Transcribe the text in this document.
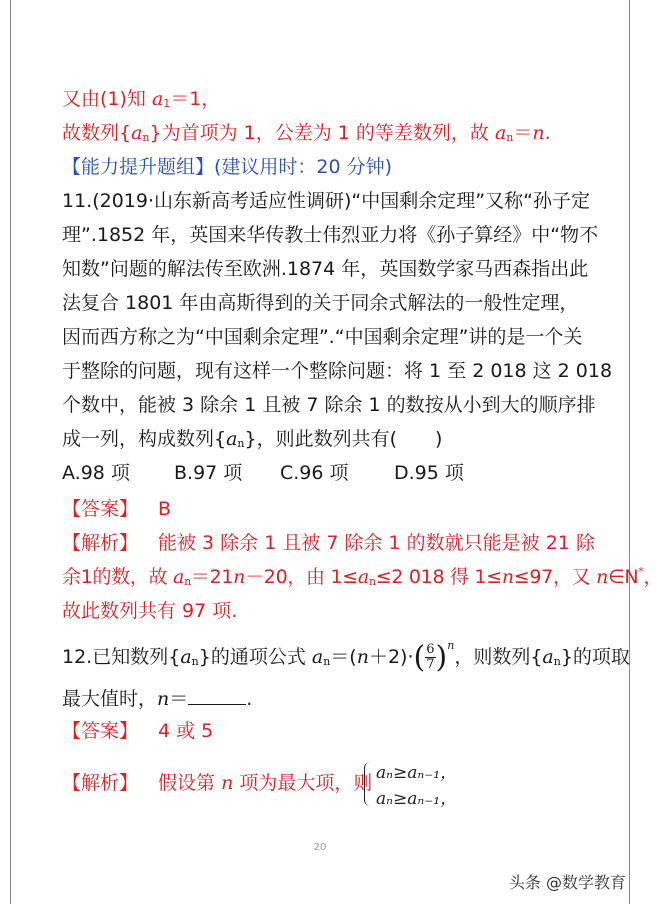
又由(1)知 a1＝1，
故数列{an}为首项为 1，公差为 1 的等差数列，故 an＝n.
【能力提升题组】(建议用时：20 分钟)
11.(2019·山东新高考适应性调研)“中国剩余定理”又称“孙子定
理”.1852 年，英国来华传教士伟烈亚力将《孙子算经》中“物不
知数”问题的解法传至欧洲.1874 年，英国数学家马西森指出此
法复合 1801 年由高斯得到的关于同余式解法的一般性定理，
因而西方称之为“中国剩余定理”.“中国剩余定理”讲的是一个关
于整除的问题，现有这样一个整除问题：将 1 至 2 018 这 2 018
个数中，能被 3 除余 1 且被 7 除余 1 的数按从小到大的顺序排
成一列，构成数列{an}，则此数列共有(　　)
A.98 项 B.97 项 C.96 项 D.95 项
【答案】 B
【解析】 能被 3 除余 1 且被 7 除余 1 的数就只能是被 21 除
余1的数，故 an＝21n－20，由 1≤an≤2 018 得 1≤n≤97，又 n∈N*，
故此数列共有 97 项.
12.已知数列{an}的通项公式 $an=(n+2)\cdot( \frac{6}{7} )^n$，则数列{an}的项取
最大值时，n＝	.
【答案】 4 或 5
【解析】 假设第 n 项为最大项，则 aₙ≥aₙ₋₁，
aₙ≥aₙ₋₁，
20
头条 @数学教育
